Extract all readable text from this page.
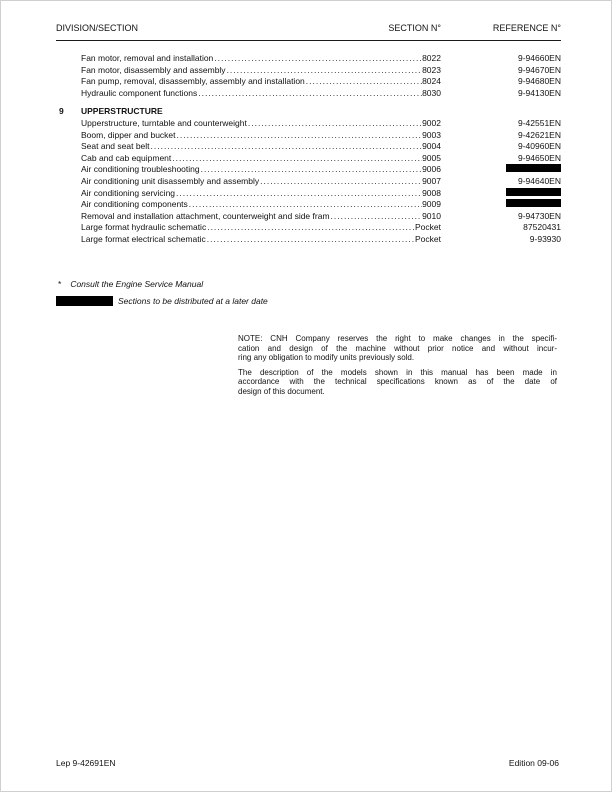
DIVISION/SECTION	SECTION N°	REFERENCE N°
Fan motor, removal and installation .....	8022	9-94660EN
Fan motor, disassembly and assembly .....	8023	9-94670EN
Fan pump, removal, disassembly, assembly and installation .....	8024	9-94680EN
Hydraulic component functions .....	8030	9-94130EN
9	UPPERSTRUCTURE
Upperstructure, turntable and counterweight .....	9002	9-42551EN
Boom, dipper and bucket .....	9003	9-42621EN
Seat and seat belt .....	9004	9-40960EN
Cab and cab equipment .....	9005	9-94650EN
Air conditioning troubleshooting .....	9006
Air conditioning unit disassembly and assembly .....	9007	9-94640EN
Air conditioning servicing .....	9008
Air conditioning components .....	9009
Removal and installation attachment, counterweight and side fram .....	9010	9-94730EN
Large format hydraulic schematic .....	Pocket	87520431
Large format electrical schematic .....	Pocket	9-93930
* Consult the Engine Service Manual
Sections to be distributed at a later date
NOTE: CNH Company reserves the right to make changes in the specifi-
cation and design of the machine without prior notice and without incur-
ring any obligation to modify units previously sold.
The description of the models shown in this manual has been made in
accordance with the technical specifications known as of the date of
design of this document.
Lep 9-42691EN	Edition 09-06
